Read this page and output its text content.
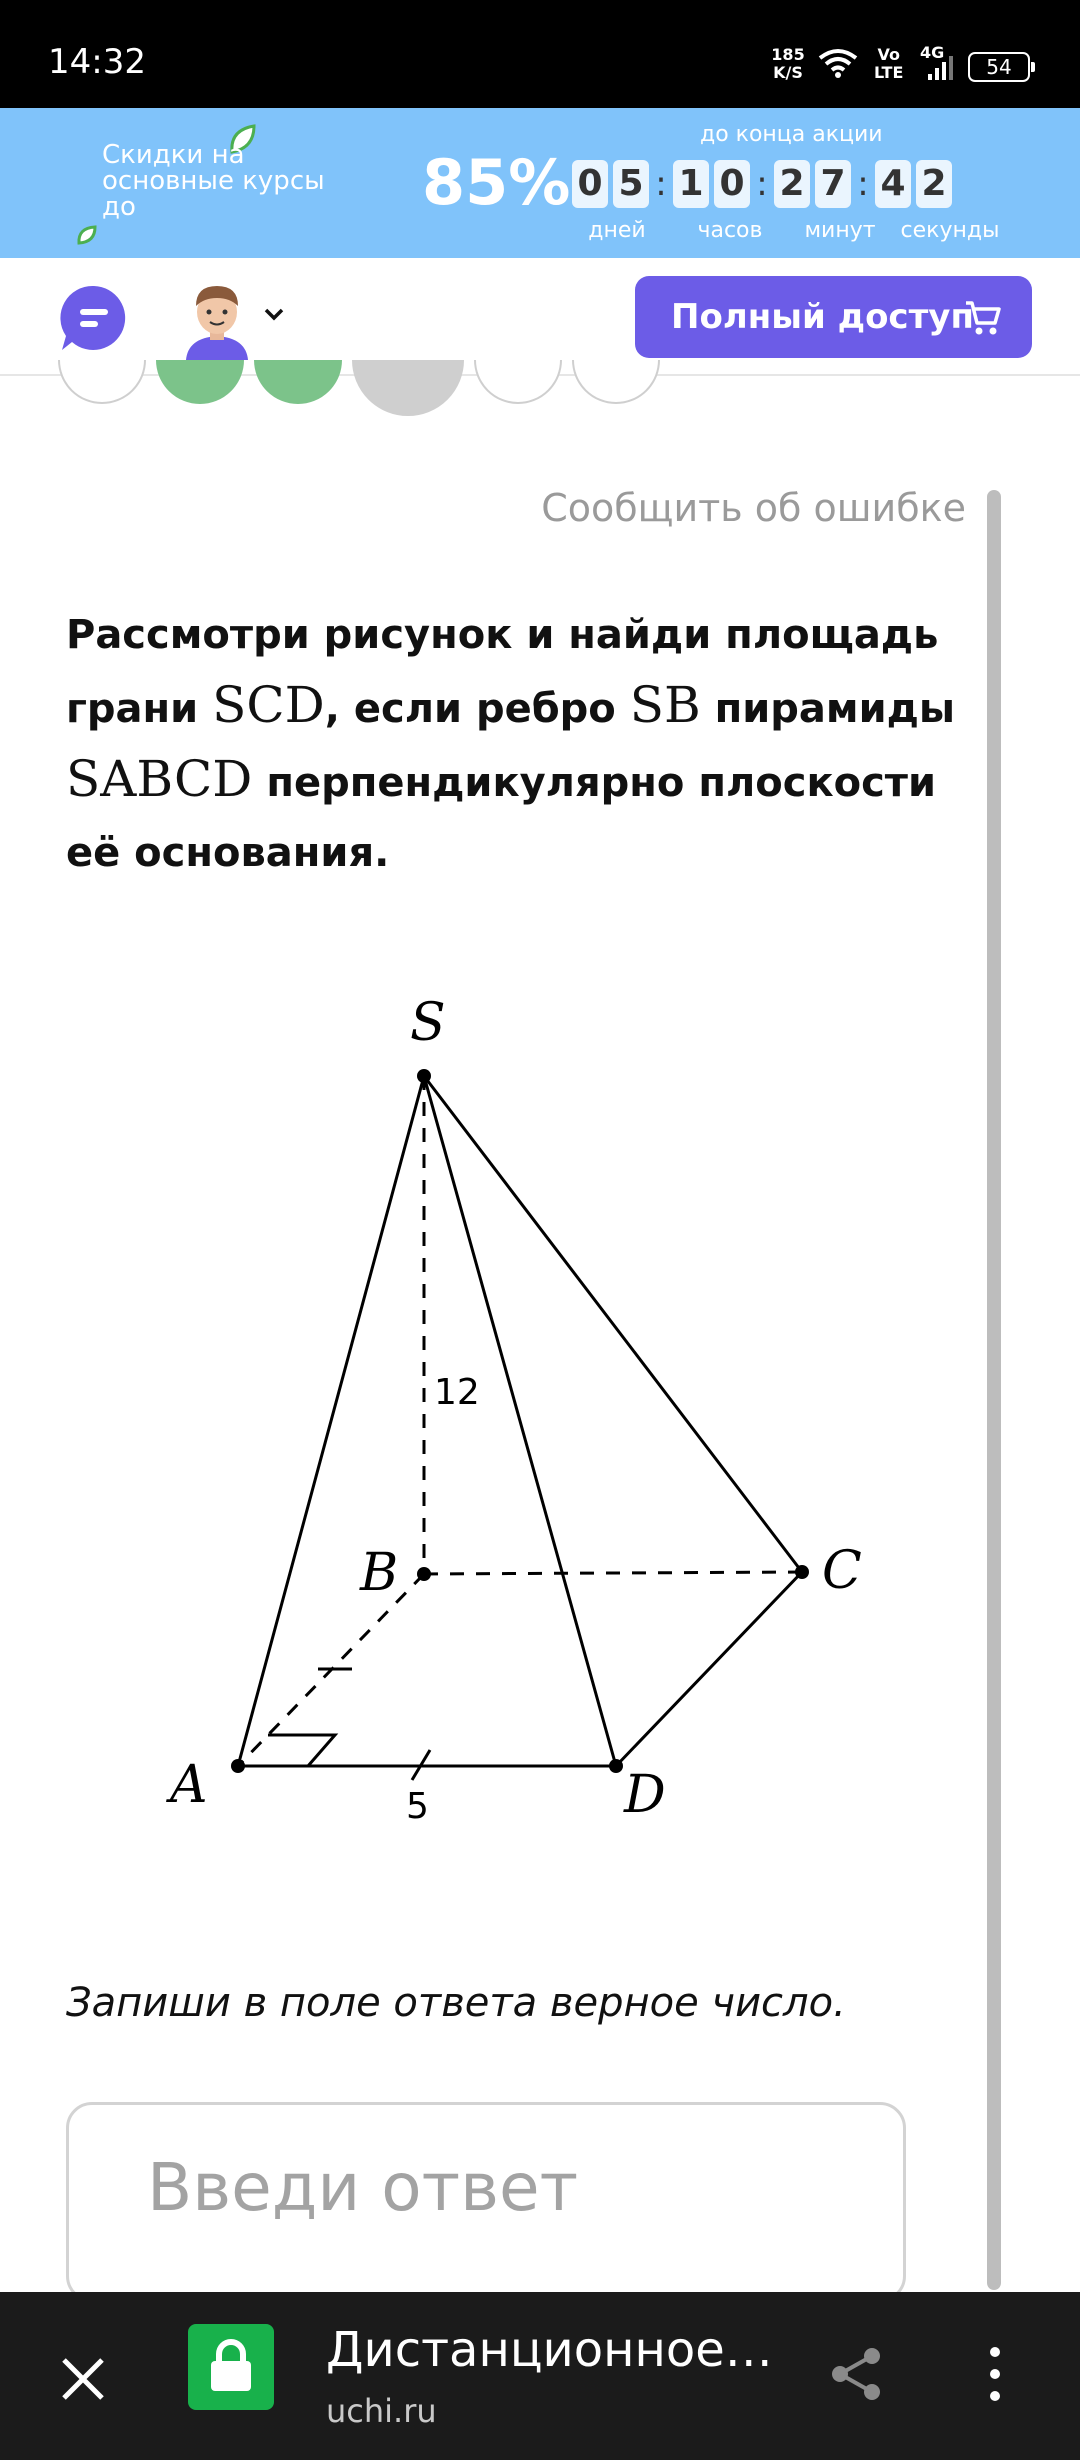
14:32	185
K/S
Vo
LTE
4G
54
Скидки на основные курсы до	85%
до конца акции
0 5 : 1 0 : 2 7 : 4 2
дней	часов	минут	секунды
Полный доступ
Сообщить об ошибке
Рассмотри рисунок и найди площадь
грани SCD, если ребро SB пирамиды
SABCD перпендикулярно плоскости
её основания.
S
B	C
A	D
12
5
Запиши в поле ответа верное число.
Введи ответ
Дистанционное…
uchi.ru
